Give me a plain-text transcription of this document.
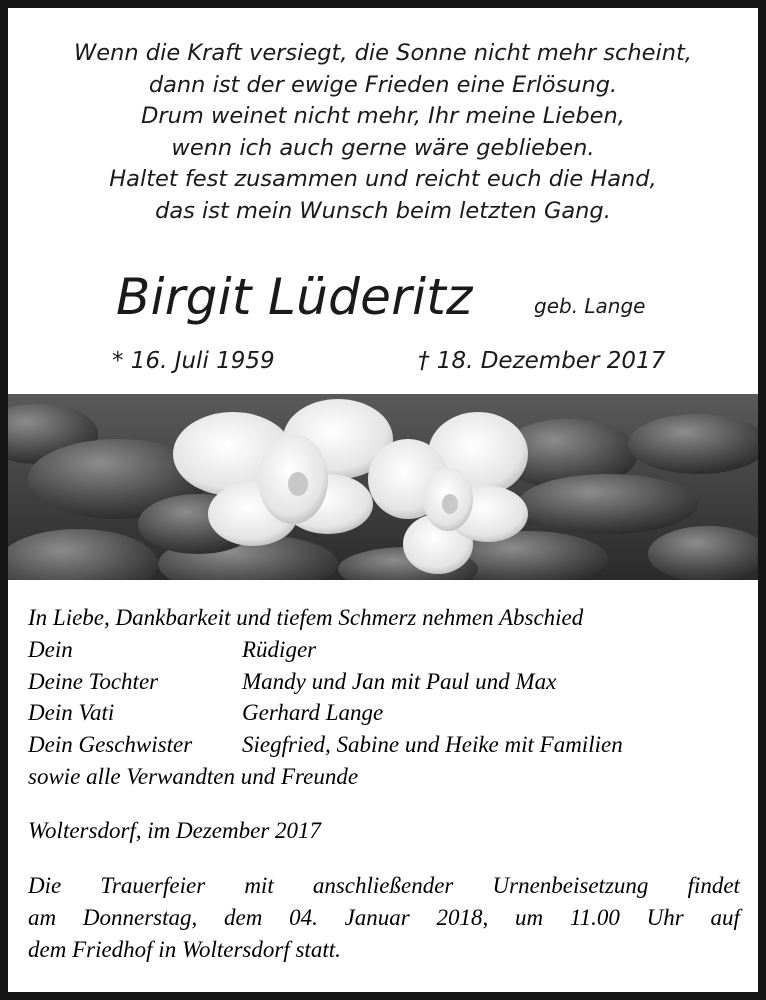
Wenn die Kraft versiegt, die Sonne nicht mehr scheint,
dann ist der ewige Frieden eine Erlösung.
Drum weinet nicht mehr, Ihr meine Lieben,
wenn ich auch gerne wäre geblieben.
Haltet fest zusammen und reicht euch die Hand,
das ist mein Wunsch beim letzten Gang.
Birgit Lüderitz	geb. Lange
* 16. Juli 1959	† 18. Dezember 2017
In Liebe, Dankbarkeit und tiefem Schmerz nehmen Abschied
Dein	Rüdiger
Deine Tochter	Mandy und Jan mit Paul und Max
Dein Vati	Gerhard Lange
Dein Geschwister	Siegfried, Sabine und Heike mit Familien
sowie alle Verwandten und Freunde
Woltersdorf, im Dezember 2017
Die Trauerfeier mit anschließender Urnenbeisetzung findet
am Donnerstag, dem 04. Januar 2018, um 11.00 Uhr auf
dem Friedhof in Woltersdorf statt.
